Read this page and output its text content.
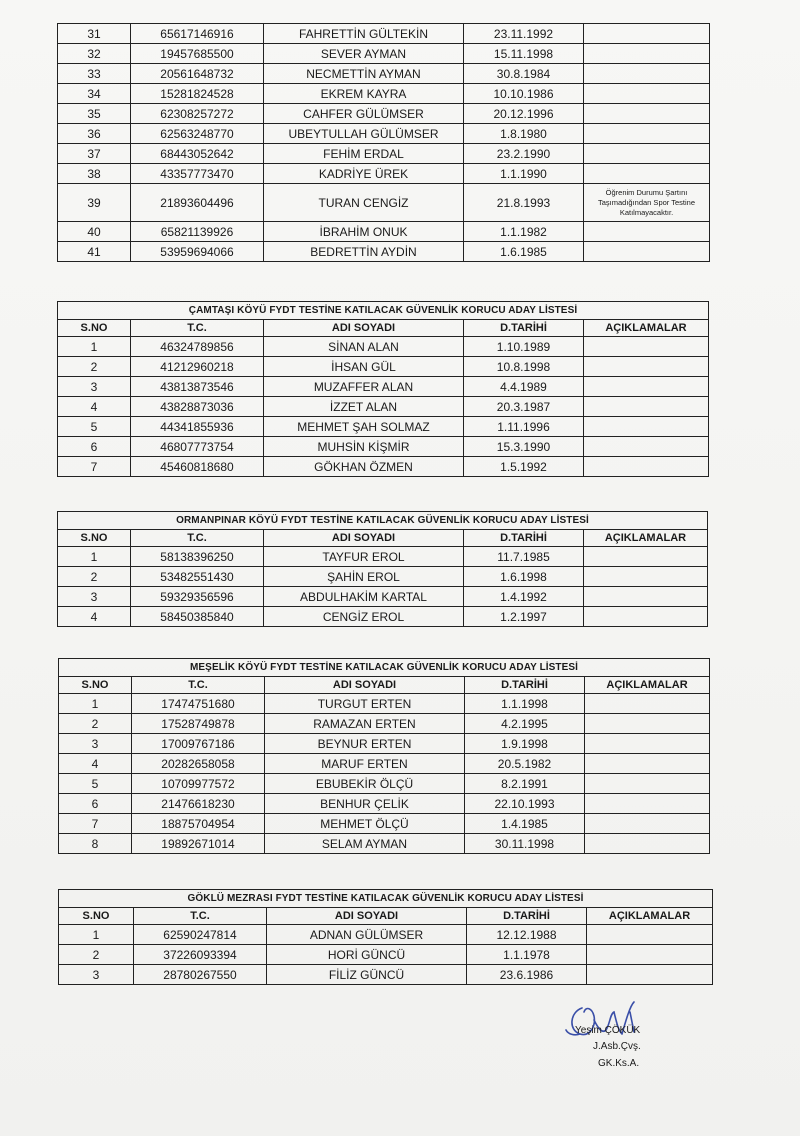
31	65617146916	FAHRETTİN GÜLTEKİN	23.11.1992	
32	19457685500	SEVER AYMAN	15.11.1998	
33	20561648732	NECMETTİN AYMAN	30.8.1984	
34	15281824528	EKREM KAYRA	10.10.1986	
35	62308257272	CAHFER GÜLÜMSER	20.12.1996	
36	62563248770	UBEYTULLAH GÜLÜMSER	1.8.1980	
37	68443052642	FEHİM ERDAL	23.2.1990	
38	43357773470	KADRİYE ÜREK	1.1.1990	
39	21893604496	TURAN CENGİZ	21.8.1993	Öğrenim Durumu Şartını Taşımadığından Spor Testine Katılmayacaktır.
40	65821139926	İBRAHİM ONUK	1.1.1982	
41	53959694066	BEDRETTİN AYDİN	1.6.1985	
ÇAMTAŞI KÖYÜ FYDT TESTİNE KATILACAK GÜVENLİK KORUCU ADAY LİSTESİ				
S.NO	T.C.	ADI SOYADI	D.TARİHİ	AÇIKLAMALAR
1	46324789856	SİNAN ALAN	1.10.1989	
2	41212960218	İHSAN GÜL	10.8.1998	
3	43813873546	MUZAFFER ALAN	4.4.1989	
4	43828873036	İZZET ALAN	20.3.1987	
5	44341855936	MEHMET ŞAH SOLMAZ	1.11.1996	
6	46807773754	MUHSİN KİŞMİR	15.3.1990	
7	45460818680	GÖKHAN ÖZMEN	1.5.1992	
ORMANPINAR KÖYÜ FYDT TESTİNE KATILACAK GÜVENLİK KORUCU ADAY LİSTESİ				
S.NO	T.C.	ADI SOYADI	D.TARİHİ	AÇIKLAMALAR
1	58138396250	TAYFUR EROL	11.7.1985	
2	53482551430	ŞAHİN EROL	1.6.1998	
3	59329356596	ABDULHAKİM KARTAL	1.4.1992	
4	58450385840	CENGİZ EROL	1.2.1997	
MEŞELİK KÖYÜ FYDT TESTİNE KATILACAK GÜVENLİK KORUCU ADAY LİSTESİ				
S.NO	T.C.	ADI SOYADI	D.TARİHİ	AÇIKLAMALAR
1	17474751680	TURGUT ERTEN	1.1.1998	
2	17528749878	RAMAZAN ERTEN	4.2.1995	
3	17009767186	BEYNUR ERTEN	1.9.1998	
4	20282658058	MARUF ERTEN	20.5.1982	
5	10709977572	EBUBEKİR ÖLÇÜ	8.2.1991	
6	21476618230	BENHUR ÇELİK	22.10.1993	
7	18875704954	MEHMET ÖLÇÜ	1.4.1985	
8	19892671014	SELAM AYMAN	30.11.1998	
GÖKLÜ MEZRASI FYDT TESTİNE KATILACAK GÜVENLİK KORUCU ADAY LİSTESİ				
S.NO	T.C.	ADI SOYADI	D.TARİHİ	AÇIKLAMALAR
1	62590247814	ADNAN GÜLÜMSER	12.12.1988	
2	37226093394	HORİ GÜNCÜ	1.1.1978	
3	28780267550	FİLİZ GÜNCÜ	23.6.1986	
Yeşim ÇÖKÜK
J.Asb.Çvş.
GK.Ks.A.
